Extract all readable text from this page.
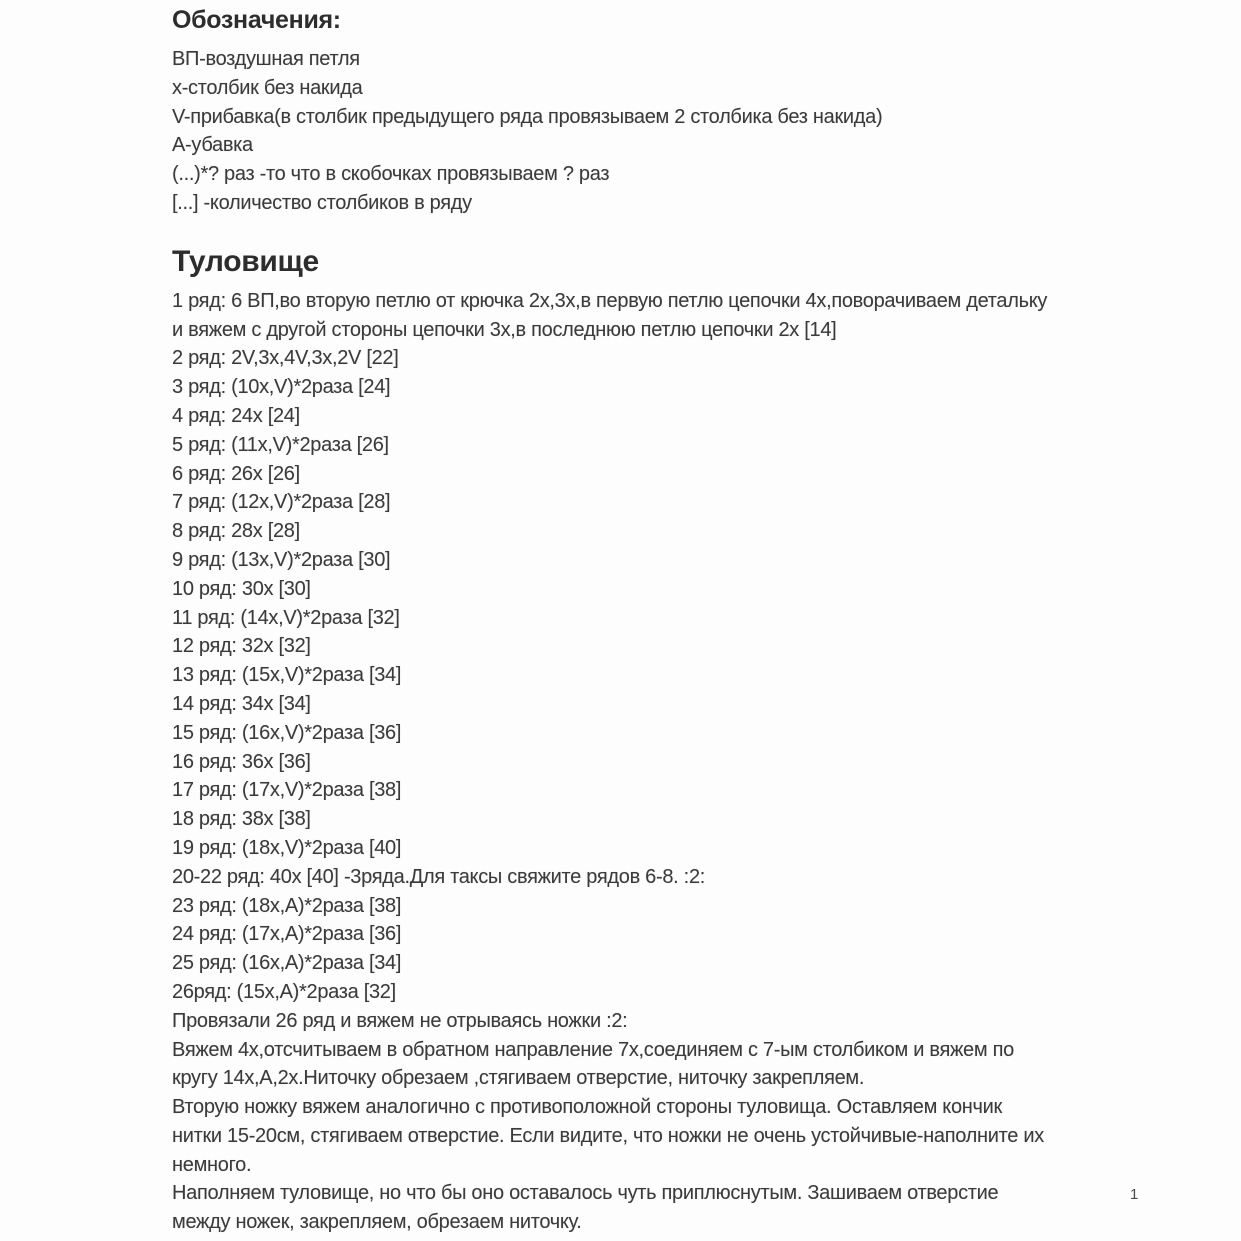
Обозначения:

ВП-воздушная петля

х-столбик без накида

V-прибавка(в столбик предыдущего ряда провязываем 2 столбика без накида)

А-убавка

(...)*? раз -то что в скобочках провязываем ? раз

[...] -количество столбиков в ряду

Туловище

1 ряд: 6 ВП,во вторую петлю от крючка 2х,3х,в первую петлю цепочки 4х,поворачиваем детальку и вяжем с другой стороны цепочки 3х,в последнюю петлю цепочки 2х [14]

2 ряд: 2V,3x,4V,3x,2V [22]

3 ряд: (10x,V)*2раза [24]

4 ряд: 24x [24]

5 ряд: (11x,V)*2раза [26]

6 ряд: 26x [26]

7 ряд: (12x,V)*2раза [28]

8 ряд: 28x [28]

9 ряд: (13x,V)*2раза [30]

10 ряд: 30x [30]

11 ряд: (14x,V)*2раза [32]

12 ряд: 32x [32]

13 ряд: (15x,V)*2раза [34]

14 ряд: 34x [34]

15 ряд: (16x,V)*2раза [36]

16 ряд: 36x [36]

17 ряд: (17x,V)*2раза [38]

18 ряд: 38x [38]

19 ряд: (18x,V)*2раза [40]

20-22 ряд: 40x [40] -3ряда.Для таксы свяжите рядов 6-8. :2:

23 ряд: (18x,А)*2раза [38]

24 ряд: (17x,А)*2раза [36]

25 ряд: (16x,А)*2раза [34]

26ряд: (15x,А)*2раза [32]

Провязали 26 ряд и вяжем не отрываясь ножки :2:

Вяжем 4х,отсчитываем в обратном направление 7х,соединяем с 7-ым столбиком и вяжем по кругу 14х,А,2х.Ниточку обрезаем ,стягиваем отверстие, ниточку закрепляем.

Вторую ножку вяжем аналогично с противоположной стороны туловища. Оставляем кончик нитки 15-20см, стягиваем отверстие. Если видите, что ножки не очень устойчивые-наполните их немного.

Наполняем туловище, но что бы оно оставалось чуть приплюснутым. Зашиваем отверстие между ножек, закрепляем, обрезаем ниточку.

1
